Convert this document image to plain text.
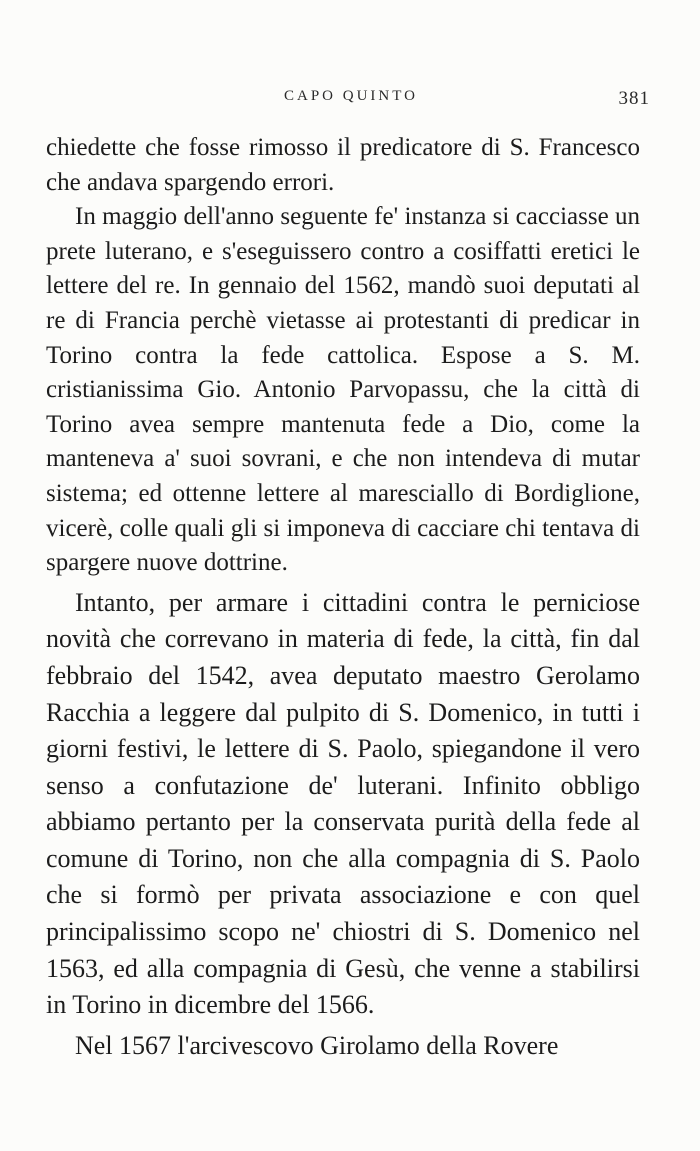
CAPO QUINTO	381

chiedette che fosse rimosso il predicatore di S. Francesco che andava spargendo errori.

In maggio dell'anno seguente fe' instanza si cacciasse un prete luterano, e s'eseguissero contro a cosiffatti eretici le lettere del re. In gennaio del 1562, mandò suoi deputati al re di Francia perchè vietasse ai protestanti di predicar in Torino contra la fede cattolica. Espose a S. M. cristianissima Gio. Antonio Parvopassu, che la città di Torino avea sempre mantenuta fede a Dio, come la manteneva a' suoi sovrani, e che non intendeva di mutar sistema; ed ottenne lettere al maresciallo di Bordiglione, vicerè, colle quali gli si imponeva di cacciare chi tentava di spargere nuove dottrine.

Intanto, per armare i cittadini contra le perniciose novità che correvano in materia di fede, la città, fin dal febbraio del 1542, avea deputato maestro Gerolamo Racchia a leggere dal pulpito di S. Domenico, in tutti i giorni festivi, le lettere di S. Paolo, spiegandone il vero senso a confutazione de' luterani. Infinito obbligo abbiamo pertanto per la conservata purità della fede al comune di Torino, non che alla compagnia di S. Paolo che si formò per privata associazione e con quel principalissimo scopo ne' chiostri di S. Domenico nel 1563, ed alla compagnia di Gesù, che venne a stabilirsi in Torino in dicembre del 1566.

Nel 1567 l'arcivescovo Girolamo della Rovere
